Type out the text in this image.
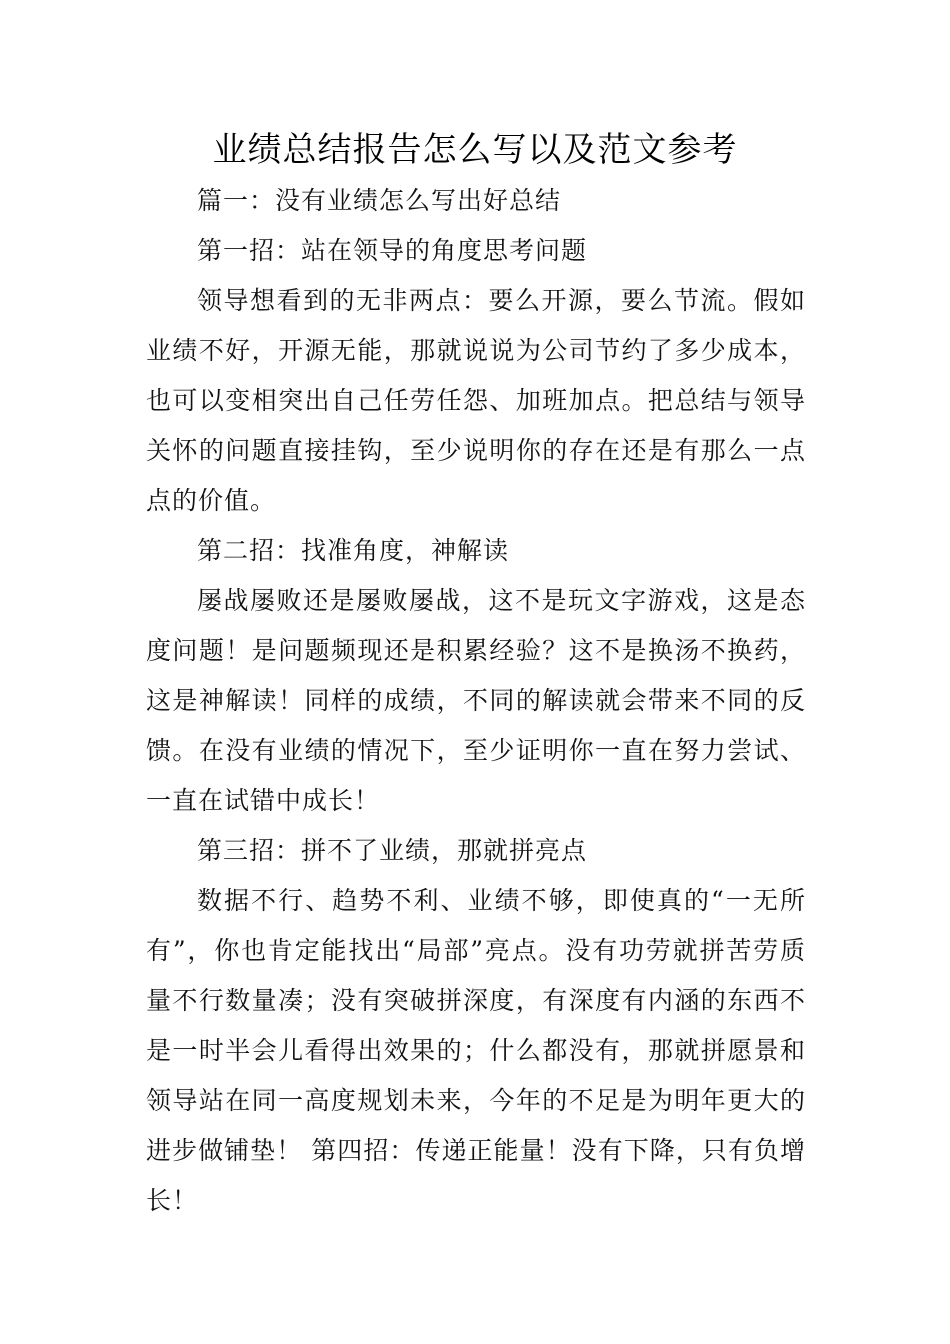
业绩总结报告怎么写以及范文参考

篇一：没有业绩怎么写出好总结

第一招：站在领导的角度思考问题

领导想看到的无非两点：要么开源，要么节流。假如业绩不好，开源无能，那就说说为公司节约了多少成本，也可以变相突出自己任劳任怨、加班加点。把总结与领导关怀的问题直接挂钩，至少说明你的存在还是有那么一点点的价值。

第二招：找准角度，神解读

屡战屡败还是屡败屡战，这不是玩文字游戏，这是态度问题！是问题频现还是积累经验？这不是换汤不换药，这是神解读！同样的成绩，不同的解读就会带来不同的反馈。在没有业绩的情况下，至少证明你一直在努力尝试、一直在试错中成长！

第三招：拼不了业绩，那就拼亮点

数据不行、趋势不利、业绩不够，即使真的“一无所有”，你也肯定能找出“局部”亮点。没有功劳就拼苦劳质量不行数量凑；没有突破拼深度，有深度有内涵的东西不是一时半会儿看得出效果的；什么都没有，那就拼愿景和领导站在同一高度规划未来，今年的不足是为明年更大的进步做铺垫！ 第四招：传递正能量！没有下降，只有负增长！
